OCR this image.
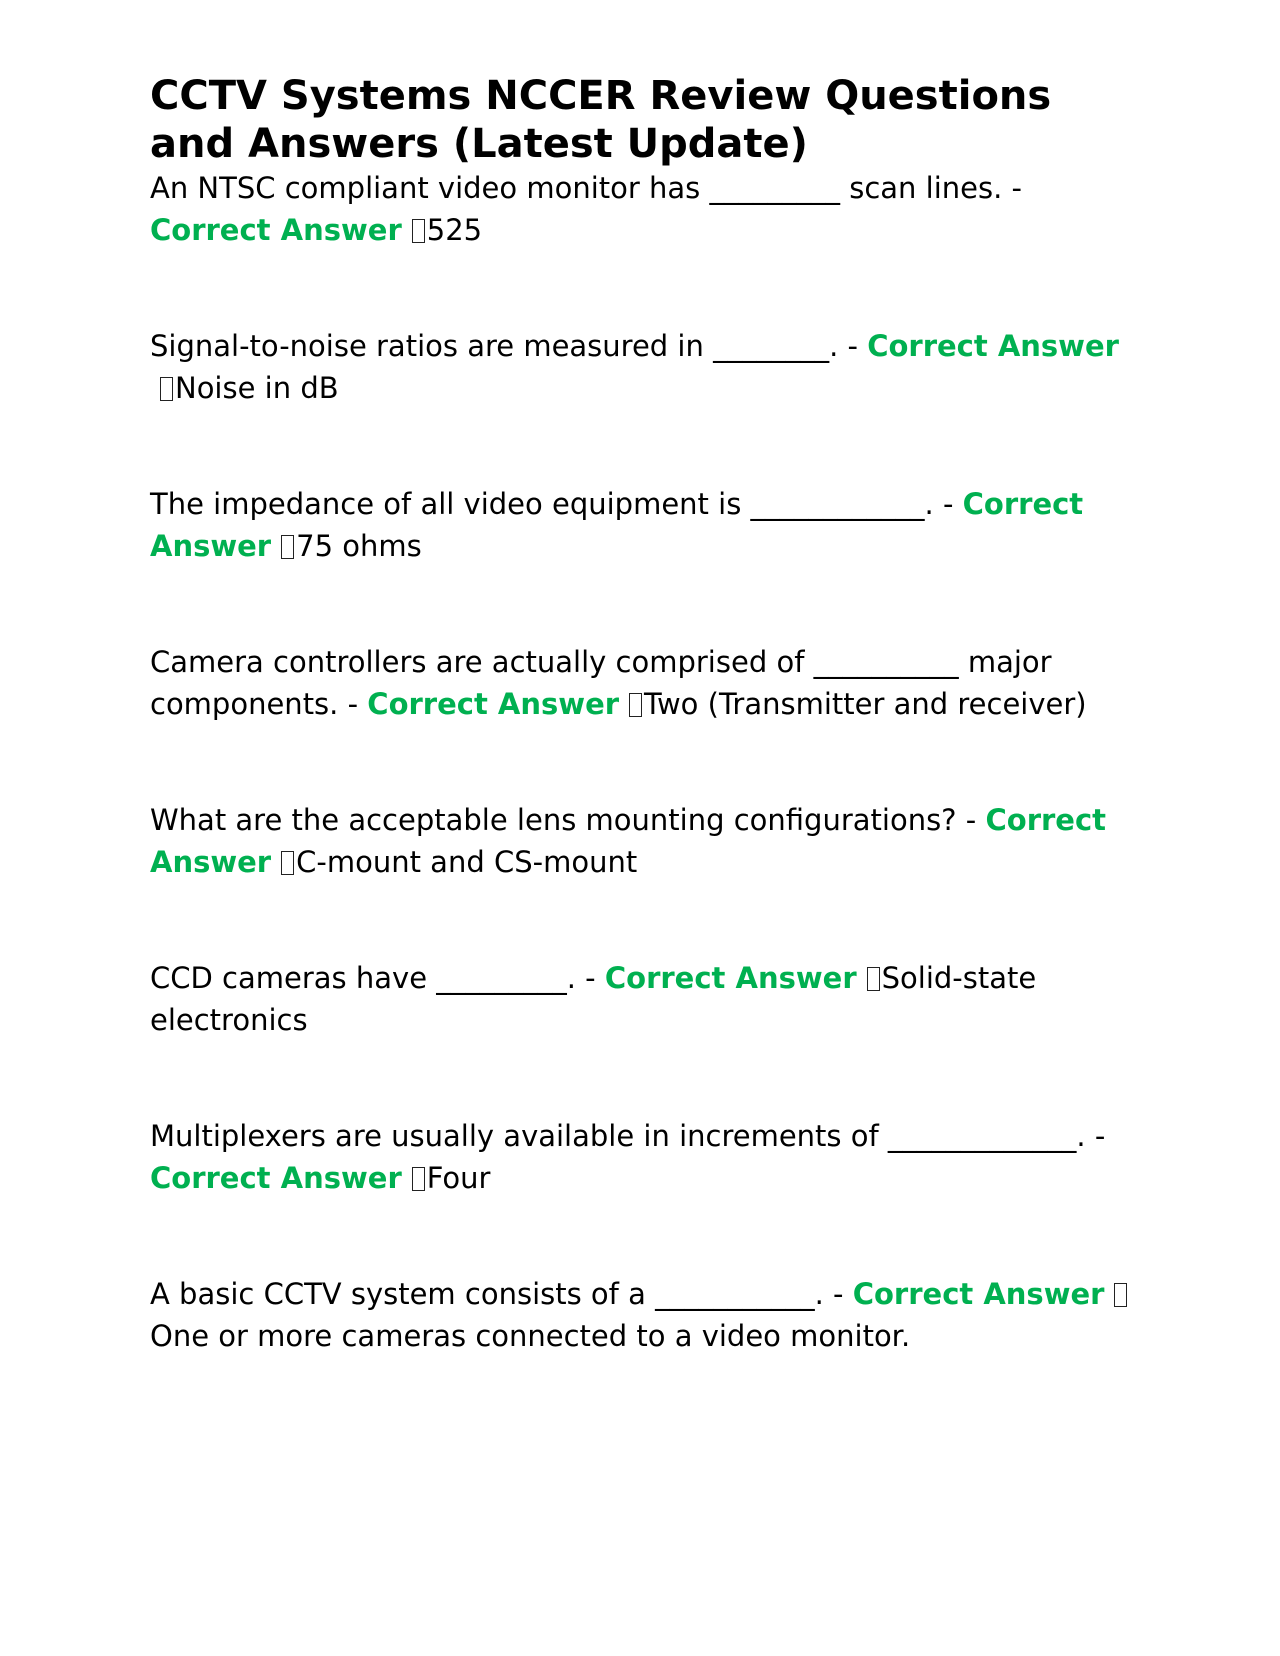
CCTV Systems NCCER Review Questions and Answers (Latest Update)
An NTSC compliant video monitor has _________ scan lines. - Correct Answer 525
Signal-to-noise ratios are measured in ________. - Correct AnswerNoise in dB
The impedance of all video equipment is ____________. - Correct Answer 75 ohms
Camera controllers are actually comprised of __________ major components. - Correct Answer Two (Transmitter and receiver)
What are the acceptable lens mounting configurations? - Correct Answer C-mount and CS-mount
CCD cameras have _________. - Correct Answer Solid-state electronics
Multiplexers are usually available in increments of _____________. - Correct Answer Four
A basic CCTV system consists of a ___________. - Correct AnswerOne or more cameras connected to a video monitor.
